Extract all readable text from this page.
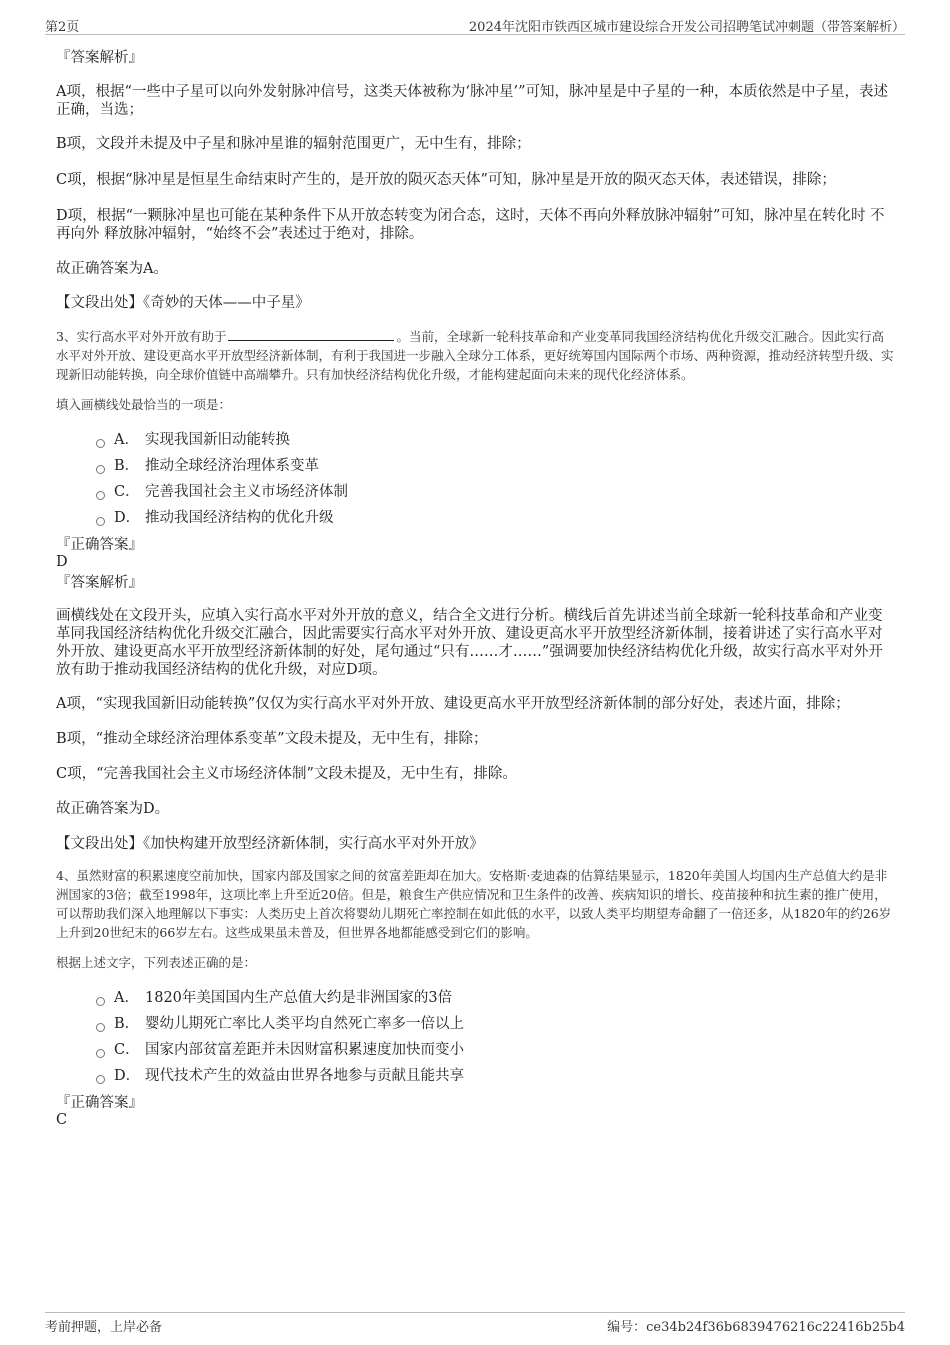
第2页	2024年沈阳市铁西区城市建设综合开发公司招聘笔试冲刺题（带答案解析）

『答案解析』

A项，根据“一些中子星可以向外发射脉冲信号，这类天体被称为‘脉冲星’”可知，脉冲星是中子星的一种，本质依然是中子星，表述正确，当选；

B项，文段并未提及中子星和脉冲星谁的辐射范围更广，无中生有，排除；

C项，根据“脉冲星是恒星生命结束时产生的，是开放的陨灭态天体”可知，脉冲星是开放的陨灭态天体，表述错误，排除；

D项，根据“一颗脉冲星也可能在某种条件下从开放态转变为闭合态，这时，天体不再向外释放脉冲辐射”可知，脉冲星在转化时 不再向外 释放脉冲辐射，“始终不会”表述过于绝对，排除。

故正确答案为A。

【文段出处】《奇妙的天体——中子星》

3、实行高水平对外开放有助于	。当前，全球新一轮科技革命和产业变革同我国经济结构优化升级交汇融合。因此实行高水平对外开放、建设更高水平开放型经济新体制，有利于我国进一步融入全球分工体系，更好统筹国内国际两个市场、两种资源，推动经济转型升级、实现新旧动能转换，向全球价值链中高端攀升。只有加快经济结构优化升级，才能构建起面向未来的现代化经济体系。

填入画横线处最恰当的一项是：

A． 实现我国新旧动能转换
B． 推动全球经济治理体系变革
C． 完善我国社会主义市场经济体制
D． 推动我国经济结构的优化升级

『正确答案』

D

『答案解析』

画横线处在文段开头，应填入实行高水平对外开放的意义，结合全文进行分析。横线后首先讲述当前全球新一轮科技革命和产业变革同我国经济结构优化升级交汇融合，因此需要实行高水平对外开放、建设更高水平开放型经济新体制，接着讲述了实行高水平对外开放、建设更高水平开放型经济新体制的好处，尾句通过“只有……才……”强调要加快经济结构优化升级，故实行高水平对外开放有助于推动我国经济结构的优化升级，对应D项。

A项，“实现我国新旧动能转换”仅仅为实行高水平对外开放、建设更高水平开放型经济新体制的部分好处，表述片面，排除；

B项，“推动全球经济治理体系变革”文段未提及，无中生有，排除；

C项，“完善我国社会主义市场经济体制”文段未提及，无中生有，排除。

故正确答案为D。

【文段出处】《加快构建开放型经济新体制，实行高水平对外开放》

4、虽然财富的积累速度空前加快，国家内部及国家之间的贫富差距却在加大。安格斯·麦迪森的估算结果显示，1820年美国人均国内生产总值大约是非洲国家的3倍；截至1998年，这项比率上升至近20倍。但是，粮食生产供应情况和卫生条件的改善、疾病知识的增长、疫苗接种和抗生素的推广使用，可以帮助我们深入地理解以下事实：人类历史上首次将婴幼儿期死亡率控制在如此低的水平，以致人类平均期望寿命翻了一倍还多，从1820年的约26岁上升到20世纪末的66岁左右。这些成果虽未普及，但世界各地都能感受到它们的影响。

根据上述文字，下列表述正确的是：

A． 1820年美国国内生产总值大约是非洲国家的3倍
B． 婴幼儿期死亡率比人类平均自然死亡率多一倍以上
C． 国家内部贫富差距并未因财富积累速度加快而变小
D． 现代技术产生的效益由世界各地参与贡献且能共享

『正确答案』

C

考前押题，上岸必备	编号：ce34b24f36b6839476216c22416b25b4
